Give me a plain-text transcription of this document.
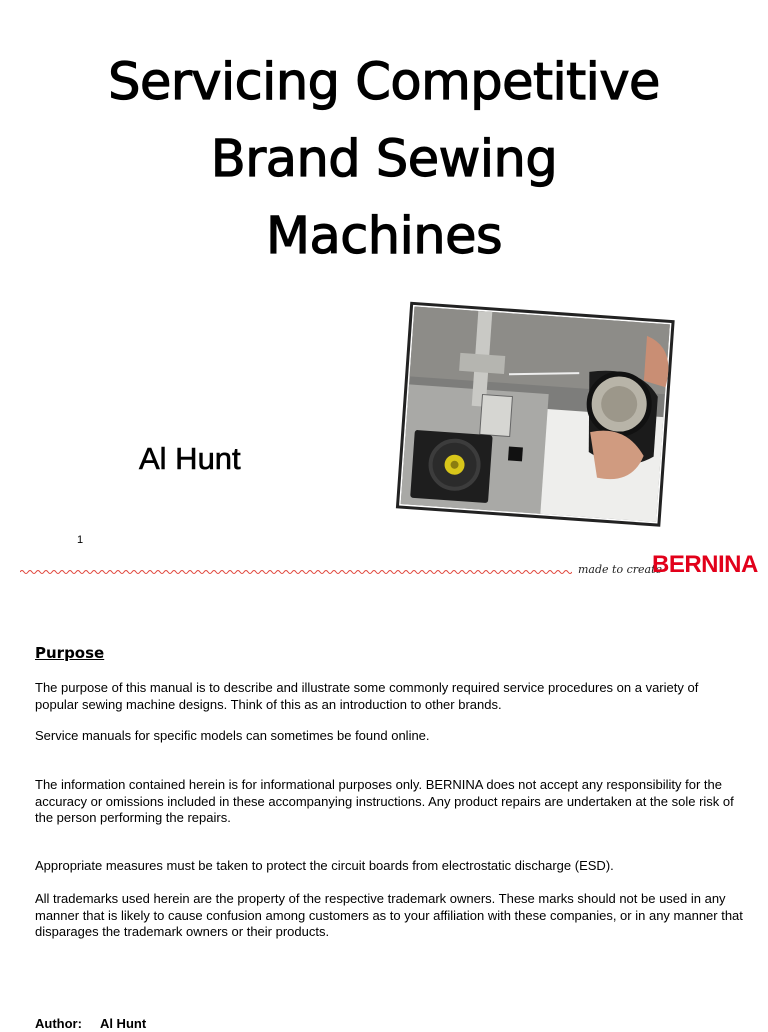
Servicing Competitive
Brand Sewing
Machines
Al Hunt
1
made to create
BERNINA
Purpose

The purpose of this manual is to describe and illustrate some commonly required service procedures on a variety of popular sewing machine designs. Think of this as an introduction to other brands.

Service manuals for specific models can sometimes be found online.

The information contained herein is for informational purposes only. BERNINA does not accept any responsibility for the accuracy or omissions included in these accompanying instructions. Any product repairs are undertaken at the sole risk of the person performing the repairs.

Appropriate measures must be taken to protect the circuit boards from electrostatic discharge (ESD).

All trademarks used herein are the property of the respective trademark owners. These marks should not be used in any manner that is likely to cause confusion among customers as to your affiliation with these companies, or in any manner that disparages the trademark owners or their products.

Author: Al Hunt
